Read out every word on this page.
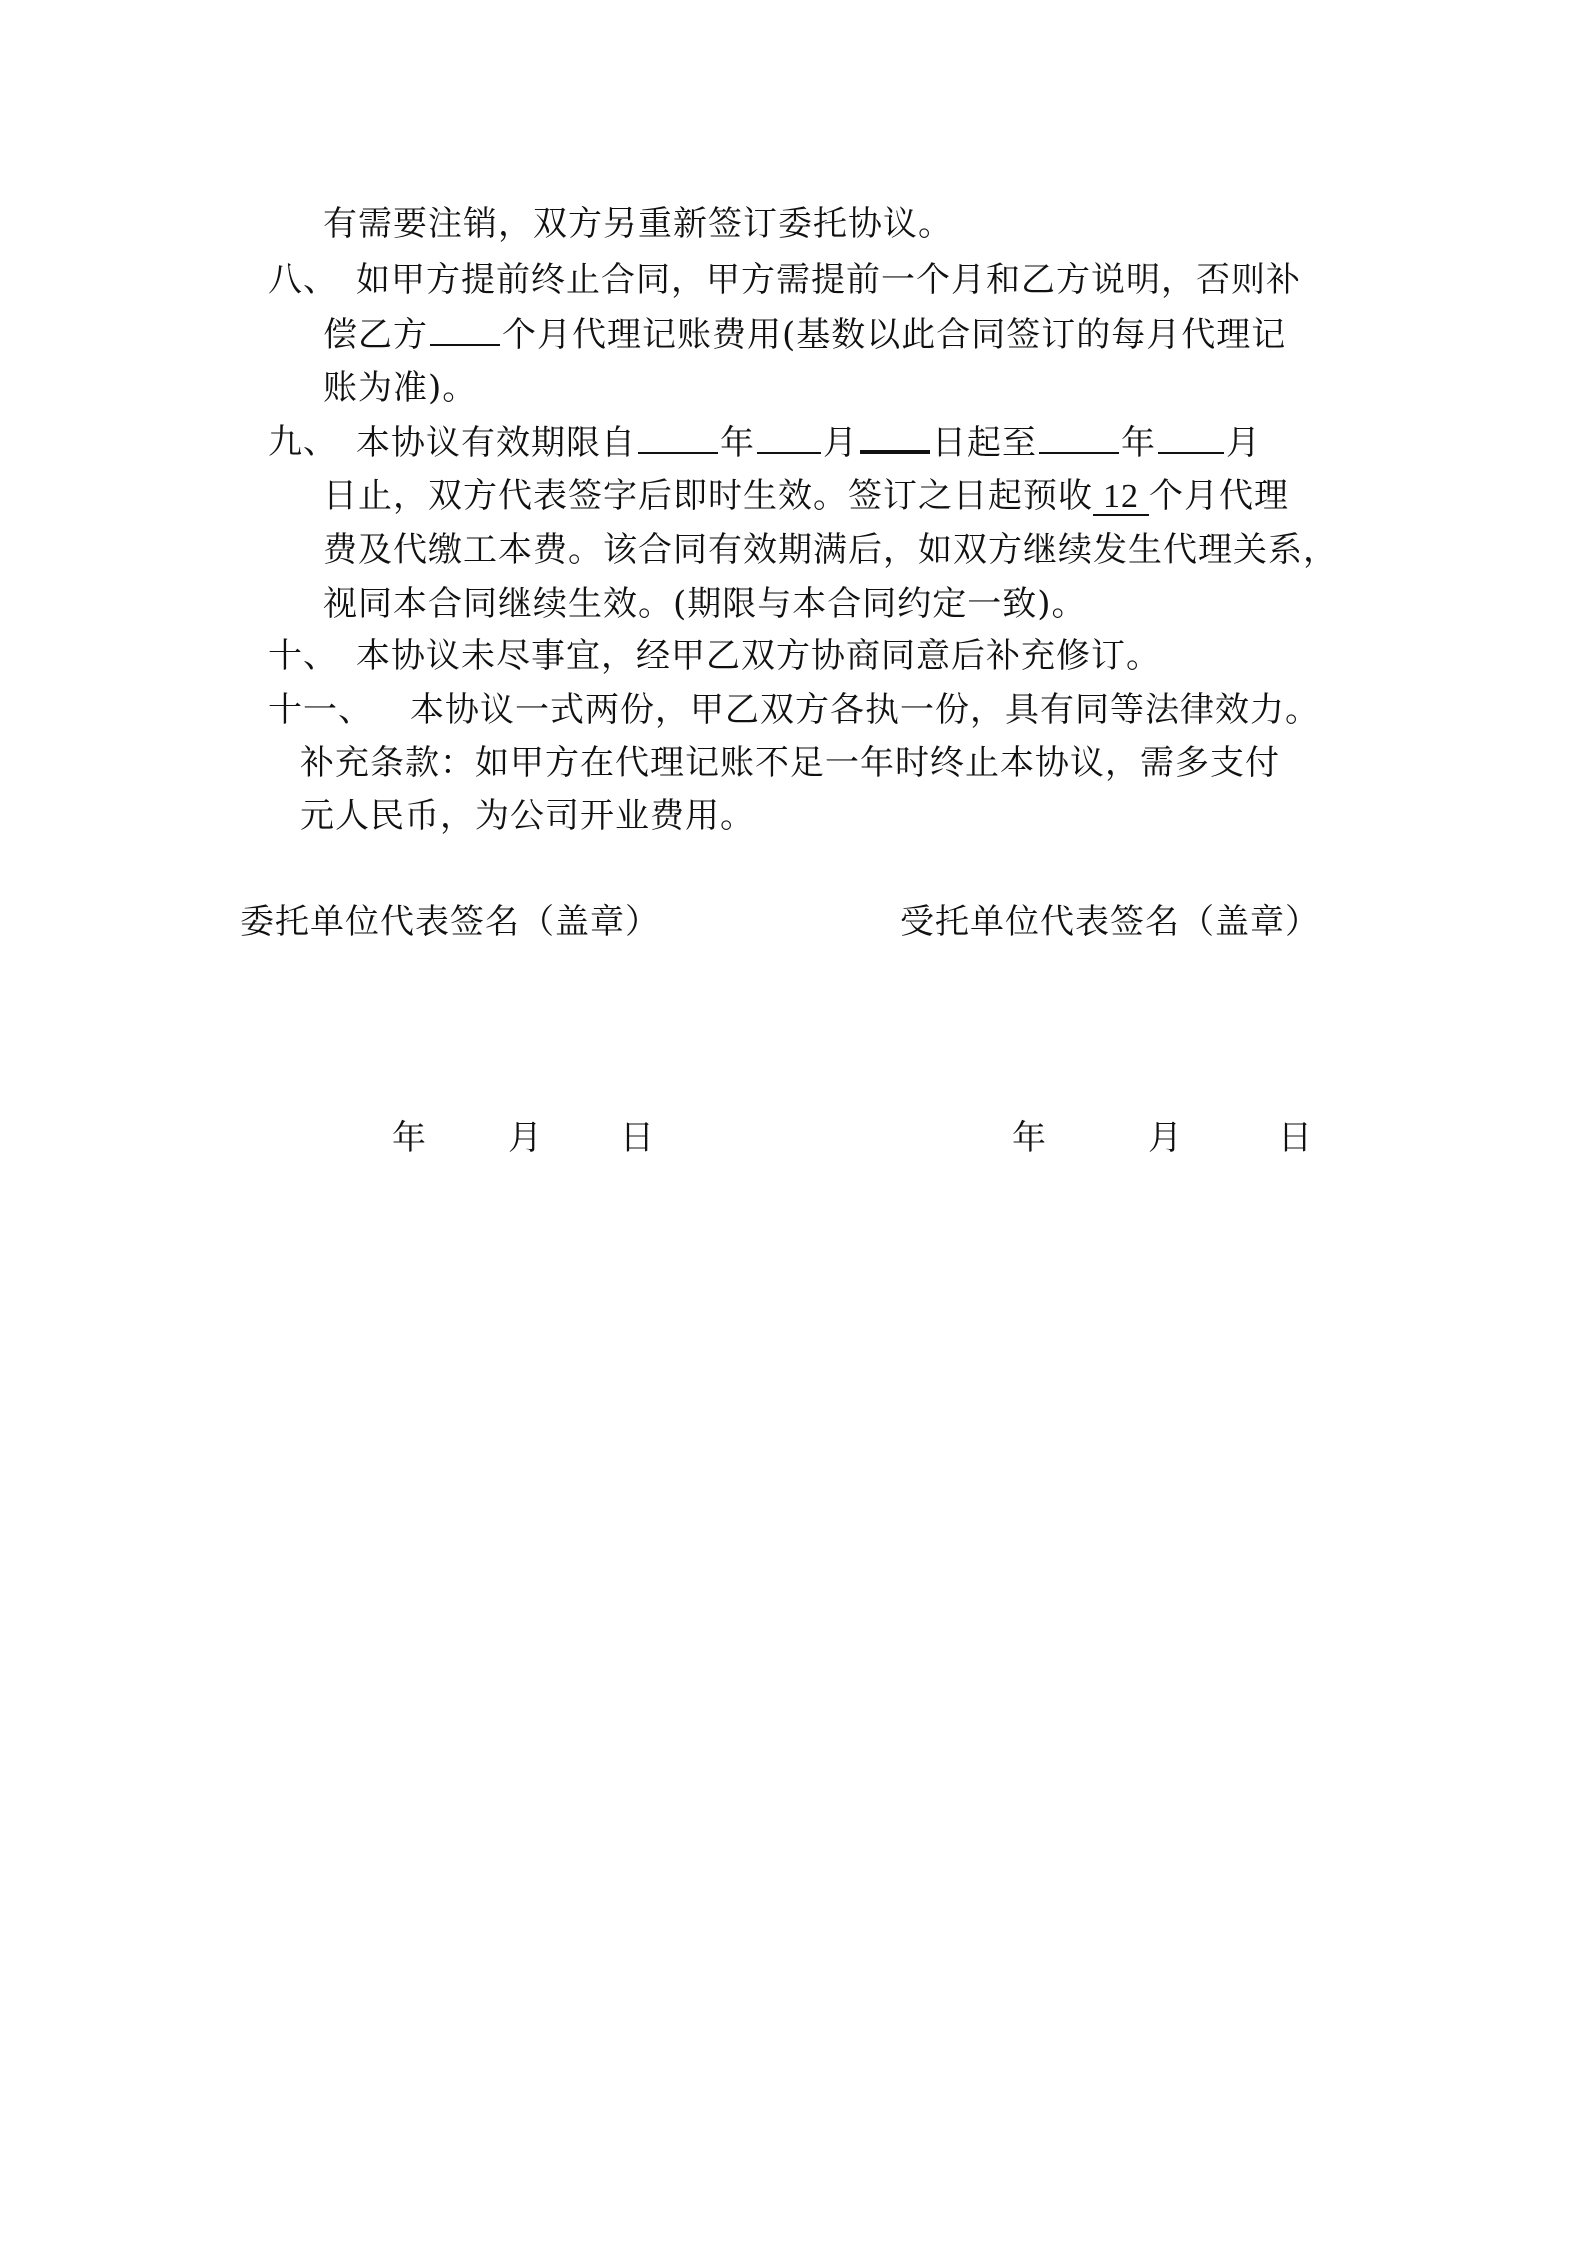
有需要注销，双方另重新签订委托协议。
八、 如甲方提前终止合同，甲方需提前一个月和乙方说明，否则补
偿乙方 个月代理记账费用(基数以此合同签订的每月代理记
账为准)。
九、 本协议有效期限自 年 月 日起至 年 月
日止，双方代表签字后即时生效。签订之日起预收 12 个月代理
费及代缴工本费。该合同有效期满后，如双方继续发生代理关系，
视同本合同继续生效。(期限与本合同约定一致)。
十、 本协议未尽事宜，经甲乙双方协商同意后补充修订。
十一、 本协议一式两份，甲乙双方各执一份，具有同等法律效力。
补充条款：如甲方在代理记账不足一年时终止本协议，需多支付
元人民币，为公司开业费用。
委托单位代表签名（盖章）	受托单位代表签名（盖章）
年 月 日	年	月	日
